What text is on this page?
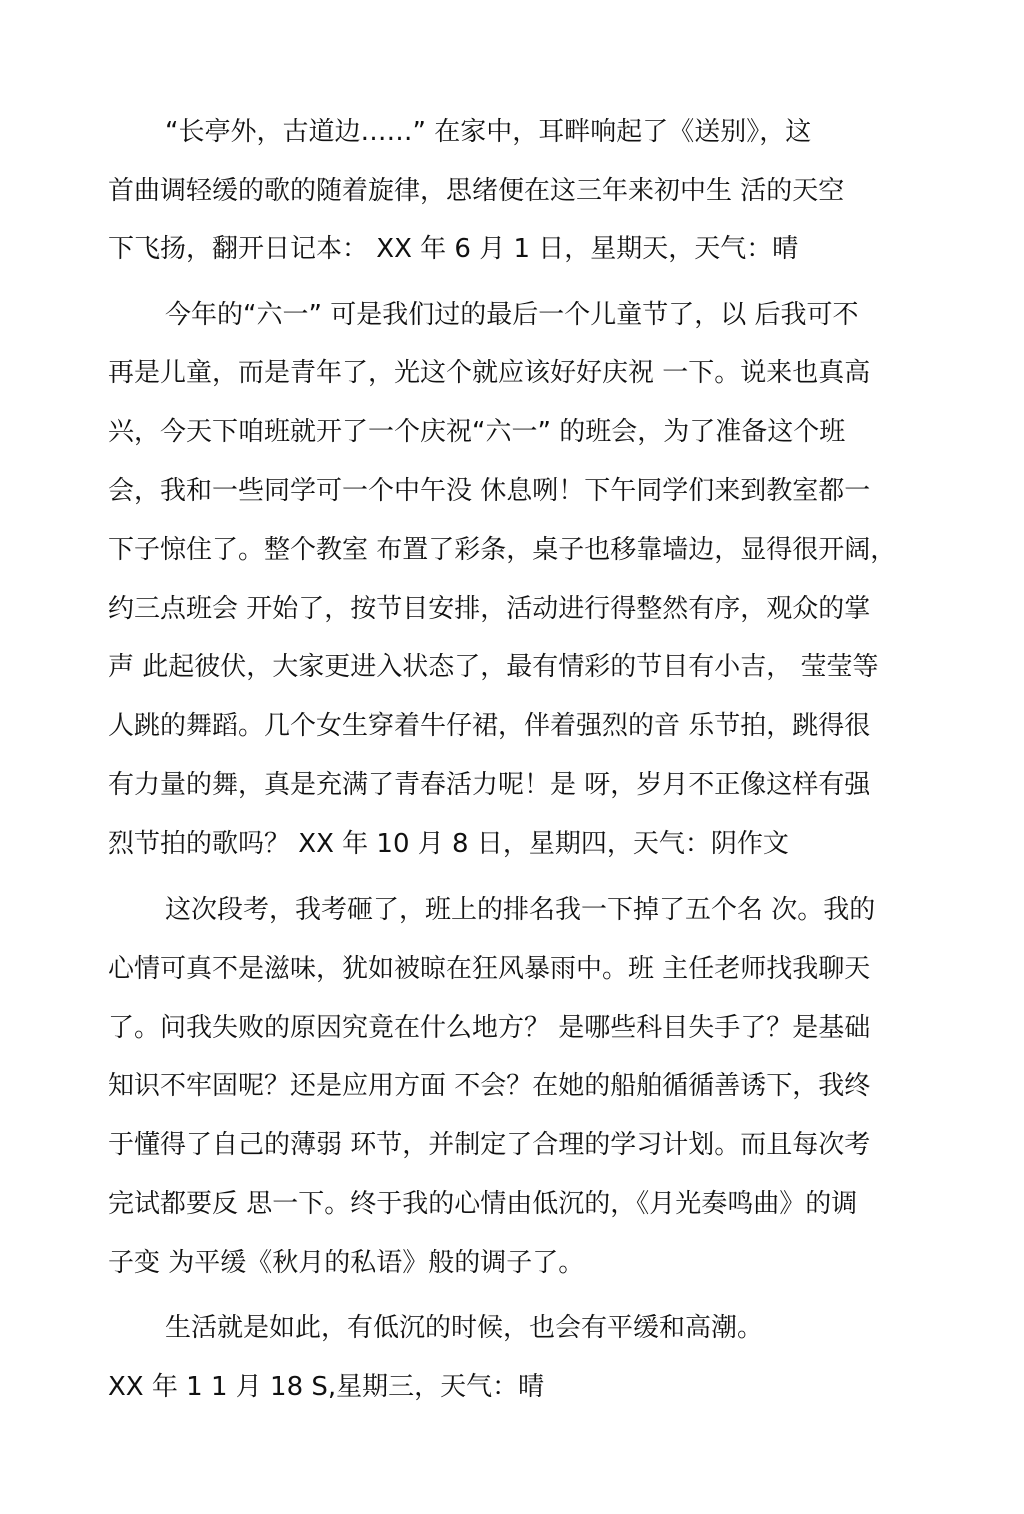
“长亭外，古道边……” 在家中，耳畔响起了《送别》，这
首曲调轻缓的歌的随着旋律，思绪便在这三年来初中生 活的天空
下飞扬，翻开日记本： XX 年 6 月 1 日，星期天，天气：晴
今年的“六一” 可是我们过的最后一个儿童节了，以 后我可不
再是儿童，而是青年了，光这个就应该好好庆祝 一下。说来也真高
兴，今天下咱班就开了一个庆祝“六一” 的班会，为了准备这个班
会，我和一些同学可一个中午没 休息咧！下午同学们来到教室都一
下子惊住了。整个教室 布置了彩条，桌子也移靠墙边，显得很开阔，
约三点班会 开始了，按节目安排，活动进行得整然有序，观众的掌
声 此起彼伏，大家更进入状态了，最有情彩的节目有小吉， 莹莹等
人跳的舞蹈。几个女生穿着牛仔裙，伴着强烈的音 乐节拍，跳得很
有力量的舞，真是充满了青春活力呢！是 呀，岁月不正像这样有强
烈节拍的歌吗？ XX 年 10 月 8 日，星期四，天气：阴作文
这次段考，我考砸了，班上的排名我一下掉了五个名 次。我的
心情可真不是滋味，犹如被晾在狂风暴雨中。班 主任老师找我聊天
了。问我失败的原因究竟在什么地方？ 是哪些科目失手了？是基础
知识不牢固呢？还是应用方面 不会？在她的船舶循循善诱下，我终
于懂得了自己的薄弱 环节，并制定了合理的学习计划。而且每次考
完试都要反 思一下。终于我的心情由低沉的，《月光奏鸣曲》的调
子变 为平缓《秋月的私语》般的调子了。
生活就是如此，有低沉的时候，也会有平缓和高潮。
XX 年 1 1 月 18 S,星期三，天气：晴
